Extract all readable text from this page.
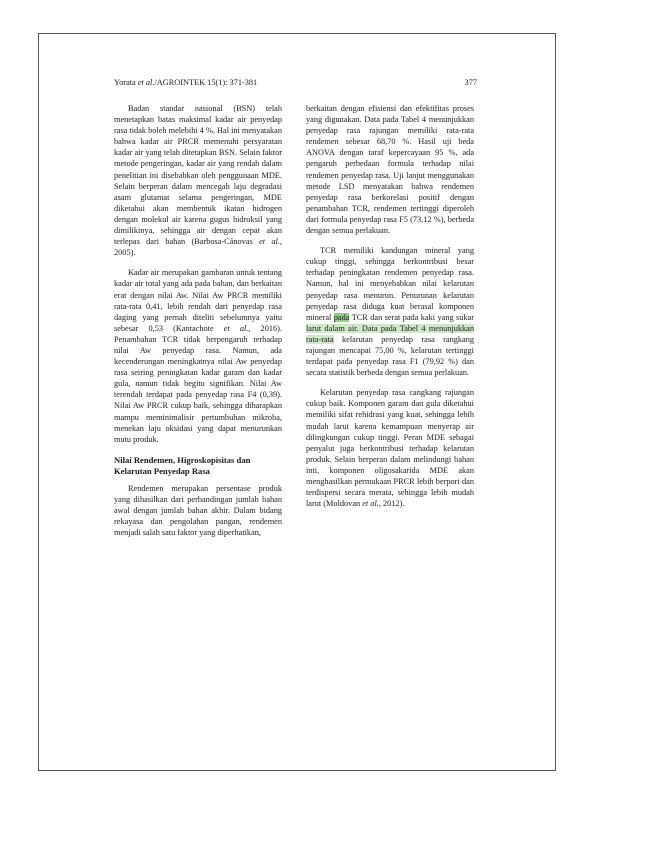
Yorata et al./AGROINTEK 15(1): 371-381	377

Badan standar nasional (BSN) telah menetapkan batas maksimal kadar air penyedap rasa tidak boleh melebihi 4 %. Hal ini menyatakan bahwa kadar air PRCR memenuhi persyaratan kadar air yang telah ditetapkan BSN. Selain faktor metode pengeringan, kadar air yang rendah dalam penelitian ini disebabkan oleh penggunaan MDE. Selain berperan dalam mencegah laju degradasi asam glutamat selama pengeringan, MDE diketahui akan membentuk ikatan hidrogen dengan molekul air karena gugus hidroksil yang dimilikinya, sehingga air dengan cepat akan terlepas dari bahan (Barbosa-Cánovas et al., 2005).

Kadar air merupakan gambaran untuk tentang kadar air total yang ada pada bahan, dan berkaitan erat dengan nilai Aw. Nilai Aw PRCR memiliki rata-rata 0,41, lebih rendah dari penyedap rasa daging yang pernah diteliti sebelumnya yaitu sebesar 0,53 (Kantachote et al., 2016). Penambahan TCR tidak berpengaruh terhadap nilai Aw penyedap rasa. Namun, ada kecenderungan meningkatnya nilai Aw penyedap rasa seiring peningkatan kadar garam dan kadar gula, namun tidak begitu signifikan. Nilai Aw terendah terdapat pada penyedap rasa F4 (0,39). Nilai Aw PRCR cukup baik, sehingga diharapkan mampu meminimalisir pertumbuhan mikroba, menekan laju oksidasi yang dapat menurunkan mutu produk.

Nilai Rendemen, Higroskopisitas dan Kelarutan Penyedap Rasa

Rendemen merupakan persentase produk yang dihasilkan dari perbandingan jumlah bahan awal dengan jumlah bahan akhir. Dalam bidang rekayasa dan pengolahan pangan, rendemen menjadi salah satu faktor yang diperhatikan,

berkaitan dengan efisiensi dan efektifitas proses yang digunakan. Data pada Tabel 4 menunjukkan penyedap rasa rajungan memiliki rata-rata rendemen sebesar 68,70 %. Hasil uji beda ANOVA dengan taraf kepercayaan 95 %, ada pengaruh perbedaan formula terhadap nilai rendemen penyedap rasa. Uji lanjut menggunakan metode LSD menyatakan bahwa rendemen penyedap rasa berkorelasi positif dengan penambahan TCR, rendemen tertinggi diperoleh dari formula penyedap rasa F5 (73,12 %), berbeda dengan semua perlakuan.

TCR memiliki kandungan mineral yang cukup tinggi, sehingga berkontribusi besar terhadap peningkatan rendemen penyedap rasa. Namun, hal ini menyebabkan nilai kelarutan penyedap rasa menurun. Penurunan kelarutan penyedap rasa diduga kuat berasal komponen mineral pada TCR dan serat pada kaki yang sukar larut dalam air. Data pada Tabel 4 menunjukkan rata-rata kelarutan penyedap rasa rangkang rajungan mencapai 75,00 %, kelarutan tertinggi terdapat pada penyedap rasa F1 (79,92 %) dan secara statistik berbeda dengan semua perlakuan.

Kelarutan penyedap rasa cangkang rajungan cukup baik. Komponen garam dan gula diketahui memiliki sifat rehidrasi yang kuat, sehingga lebih mudah larut karena kemampuan menyerap air dilingkungan cukup tinggi. Peran MDE sebagai penyalut juga berkontribusi terhadap kelarutan produk. Selain berperan dalam melindungi bahan inti, komponen oligosakarida MDE akan menghasilkan permukaan PRCR lebih berpori dan terdispersi secara merata, sehingga lebih mudah larut (Moldovan et al., 2012).
